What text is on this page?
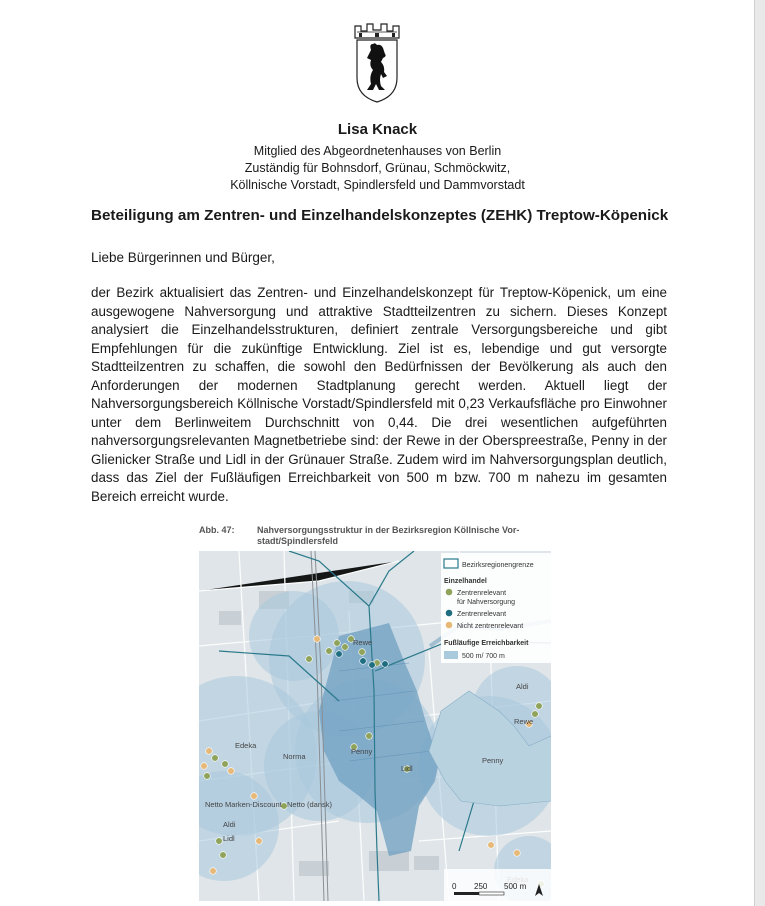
Lisa Knack
Mitglied des Abgeordnetenhauses von Berlin
Zuständig für Bohnsdorf, Grünau, Schmöckwitz,
Köllnische Vorstadt, Spindlersfeld und Dammvorstadt
Beteiligung am Zentren- und Einzelhandelskonzeptes (ZEHK) Treptow-Köpenick
Liebe Bürgerinnen und Bürger,
der Bezirk aktualisiert das Zentren- und Einzelhandelskonzept für Treptow-Köpenick, um eine ausgewogene Nahversorgung und attraktive Stadtteilzentren zu sichern. Dieses Konzept analysiert die Einzelhandelsstrukturen, definiert zentrale Versorgungsbereiche und gibt Empfehlungen für die zukünftige Entwicklung. Ziel ist es, lebendige und gut versorgte Stadtteilzentren zu schaffen, die sowohl den Bedürfnissen der Bevölkerung als auch den Anforderungen der modernen Stadtplanung gerecht werden. Aktuell liegt der Nahversorgungsbereich Köllnische Vorstadt/Spindlersfeld mit 0,23 Verkaufsfläche pro Einwohner unter dem Berlinweitem Durchschnitt von 0,44. Die drei wesentlichen aufgeführten nahversorgungsrelevanten Magnetbetriebe sind: der Rewe in der Oberspreestraße, Penny in der Glienicker Straße und Lidl in der Grünauer Straße. Zudem wird im Nahversorgungsplan deutlich, dass das Ziel der Fußläufigen Erreichbarkeit von 500 m bzw. 700 m nahezu im gesamten Bereich erreicht wurde.
Abb. 47: Nahversorgungsstruktur in der Bezirksregion Köllnische Vor-
stadt/Spindlersfeld
Rewe
Aldi
Rewe
Edeka
Norma
Penny
Lidl
Penny
Netto Marken-Discount Netto (dansk)
Aldi
Lidl
Bezirksregionengrenze
Einzelhandel
Zentrenrelevant
für Nahversorgung
Zentrenrelevant
Nicht zentrenrelevant
Fußläufige Erreichbarkeit
500 m/ 700 m
0 250 500 m
